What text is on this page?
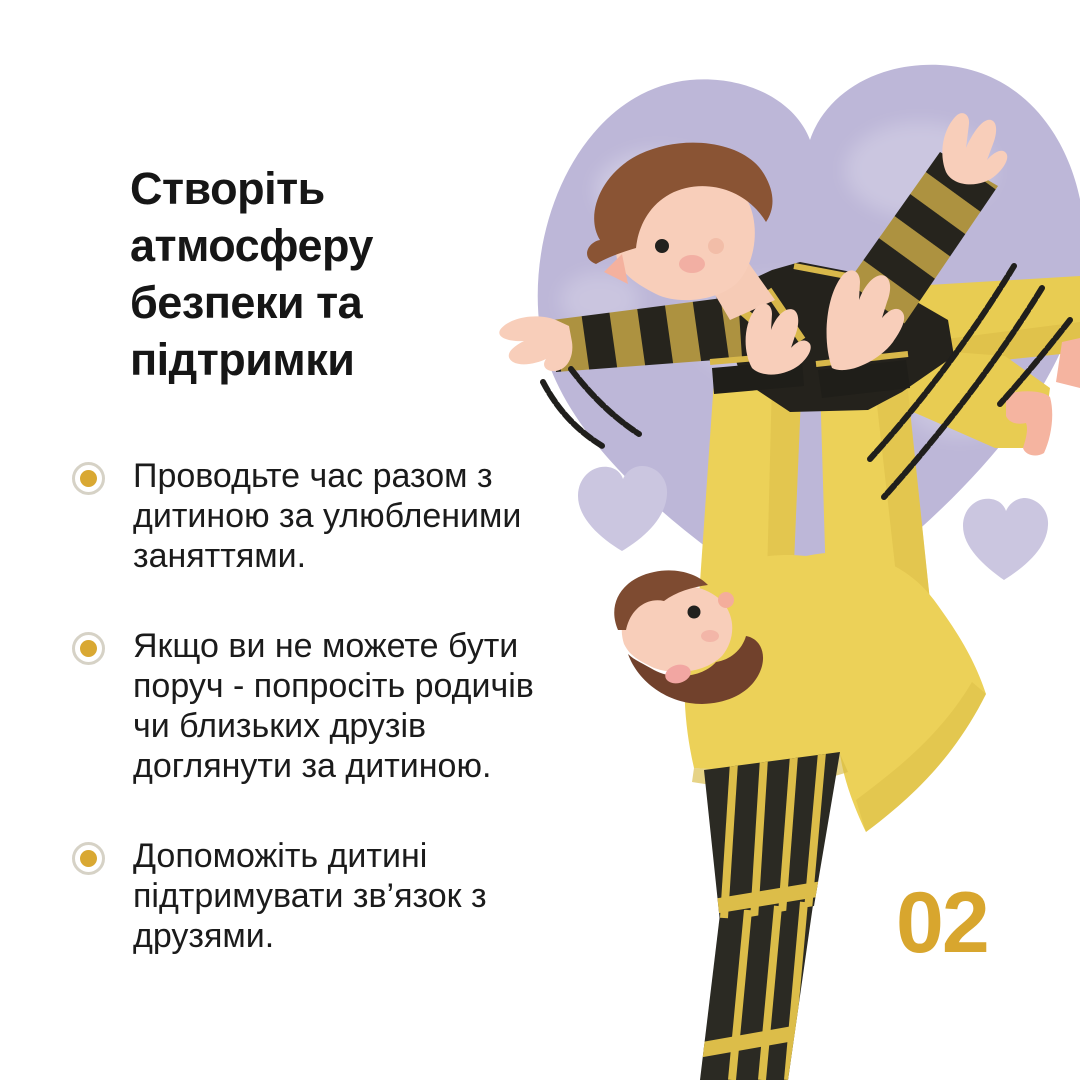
Створіть
атмосферу
безпеки та
підтримки
Проводьте час разом з
дитиною за улюбленими
заняттями.
Якщо ви не можете бути
поруч - попросіть родичів
чи близьких друзів
доглянути за дитиною.
Допоможіть дитині
підтримувати зв’язок з
друзями.	02
